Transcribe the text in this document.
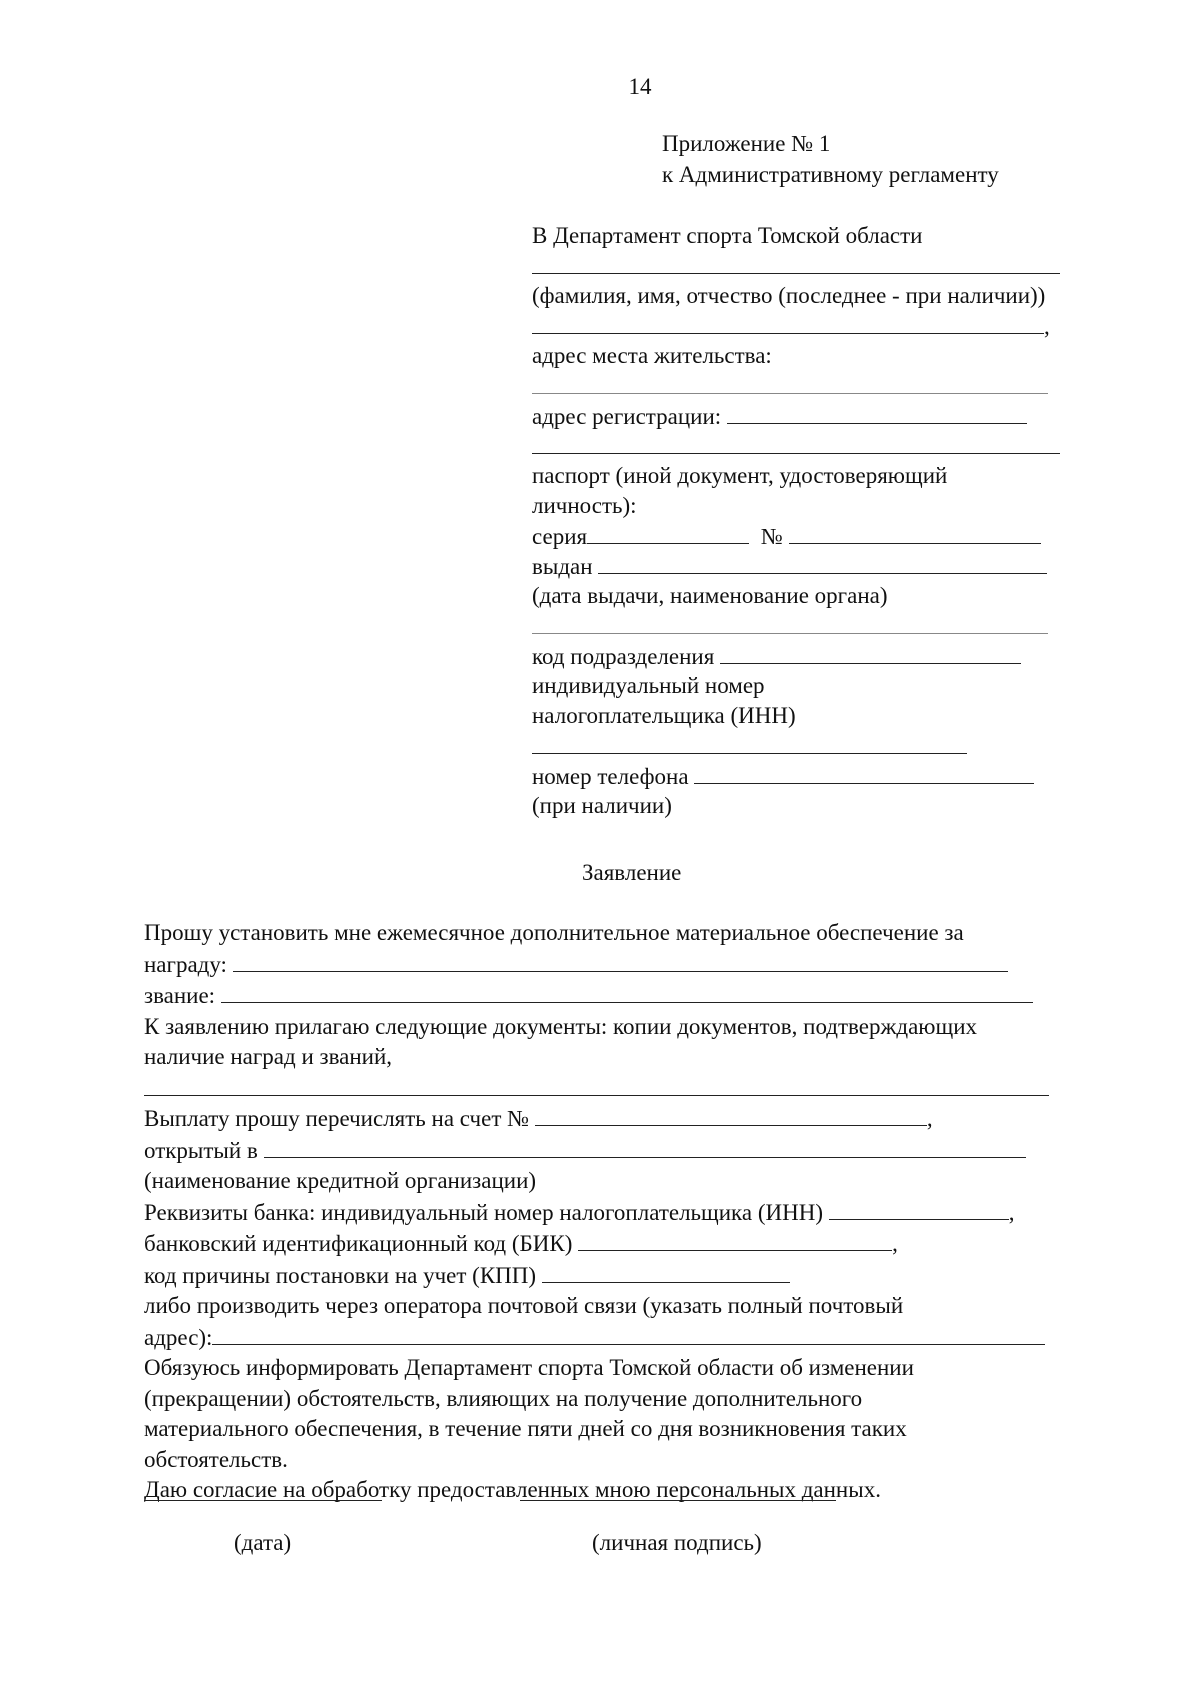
14
Приложение № 1
к Административному регламенту
В Департамент спорта Томской области
(фамилия, имя, отчество (последнее - при наличии))
,
адрес места жительства:
адрес регистрации:
паспорт (иной документ, удостоверяющий
личность):
серия	№
выдан
(дата выдачи, наименование органа)
код подразделения
индивидуальный номер
налогоплательщика (ИНН)
номер телефона
(при наличии)
Заявление
Прошу установить мне ежемесячное дополнительное материальное обеспечение за
награду:
звание:
К заявлению прилагаю следующие документы: копии документов, подтверждающих
наличие наград и званий,
Выплату прошу перечислять на счет №	,
открытый в
(наименование кредитной организации)
Реквизиты банка: индивидуальный номер налогоплательщика (ИНН)	,
банковский идентификационный код (БИК)	,
код причины постановки на учет (КПП)
либо производить через оператора почтовой связи (указать полный почтовый
адрес):
Обязуюсь информировать Департамент спорта Томской области об изменении
(прекращении) обстоятельств, влияющих на получение дополнительного
материального обеспечения, в течение пяти дней со дня возникновения таких
обстоятельств.
Даю согласие на обработку предоставленных мною персональных данных.
(дата)	(личная подпись)
